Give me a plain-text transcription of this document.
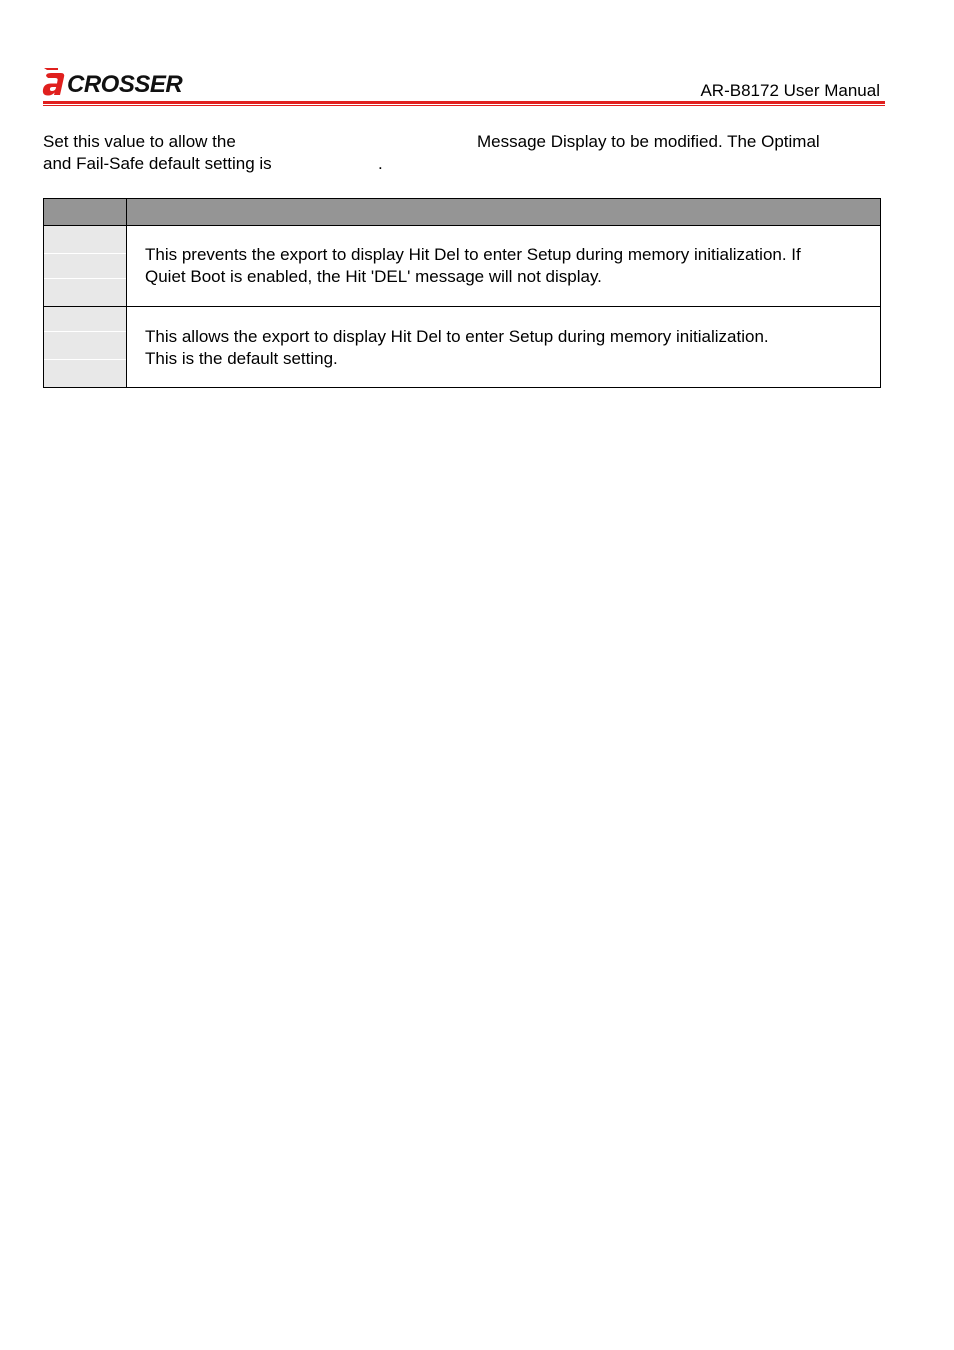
CROSSER	AR-B8172 User Manual
Set this value to allow the	Message Display to be modified. The Optimal
and Fail-Safe default setting is	.
This prevents the export to display Hit Del to enter Setup during memory initialization. If
Quiet Boot is enabled, the Hit 'DEL' message will not display.
This allows the export to display Hit Del to enter Setup during memory initialization.
This is the default setting.
